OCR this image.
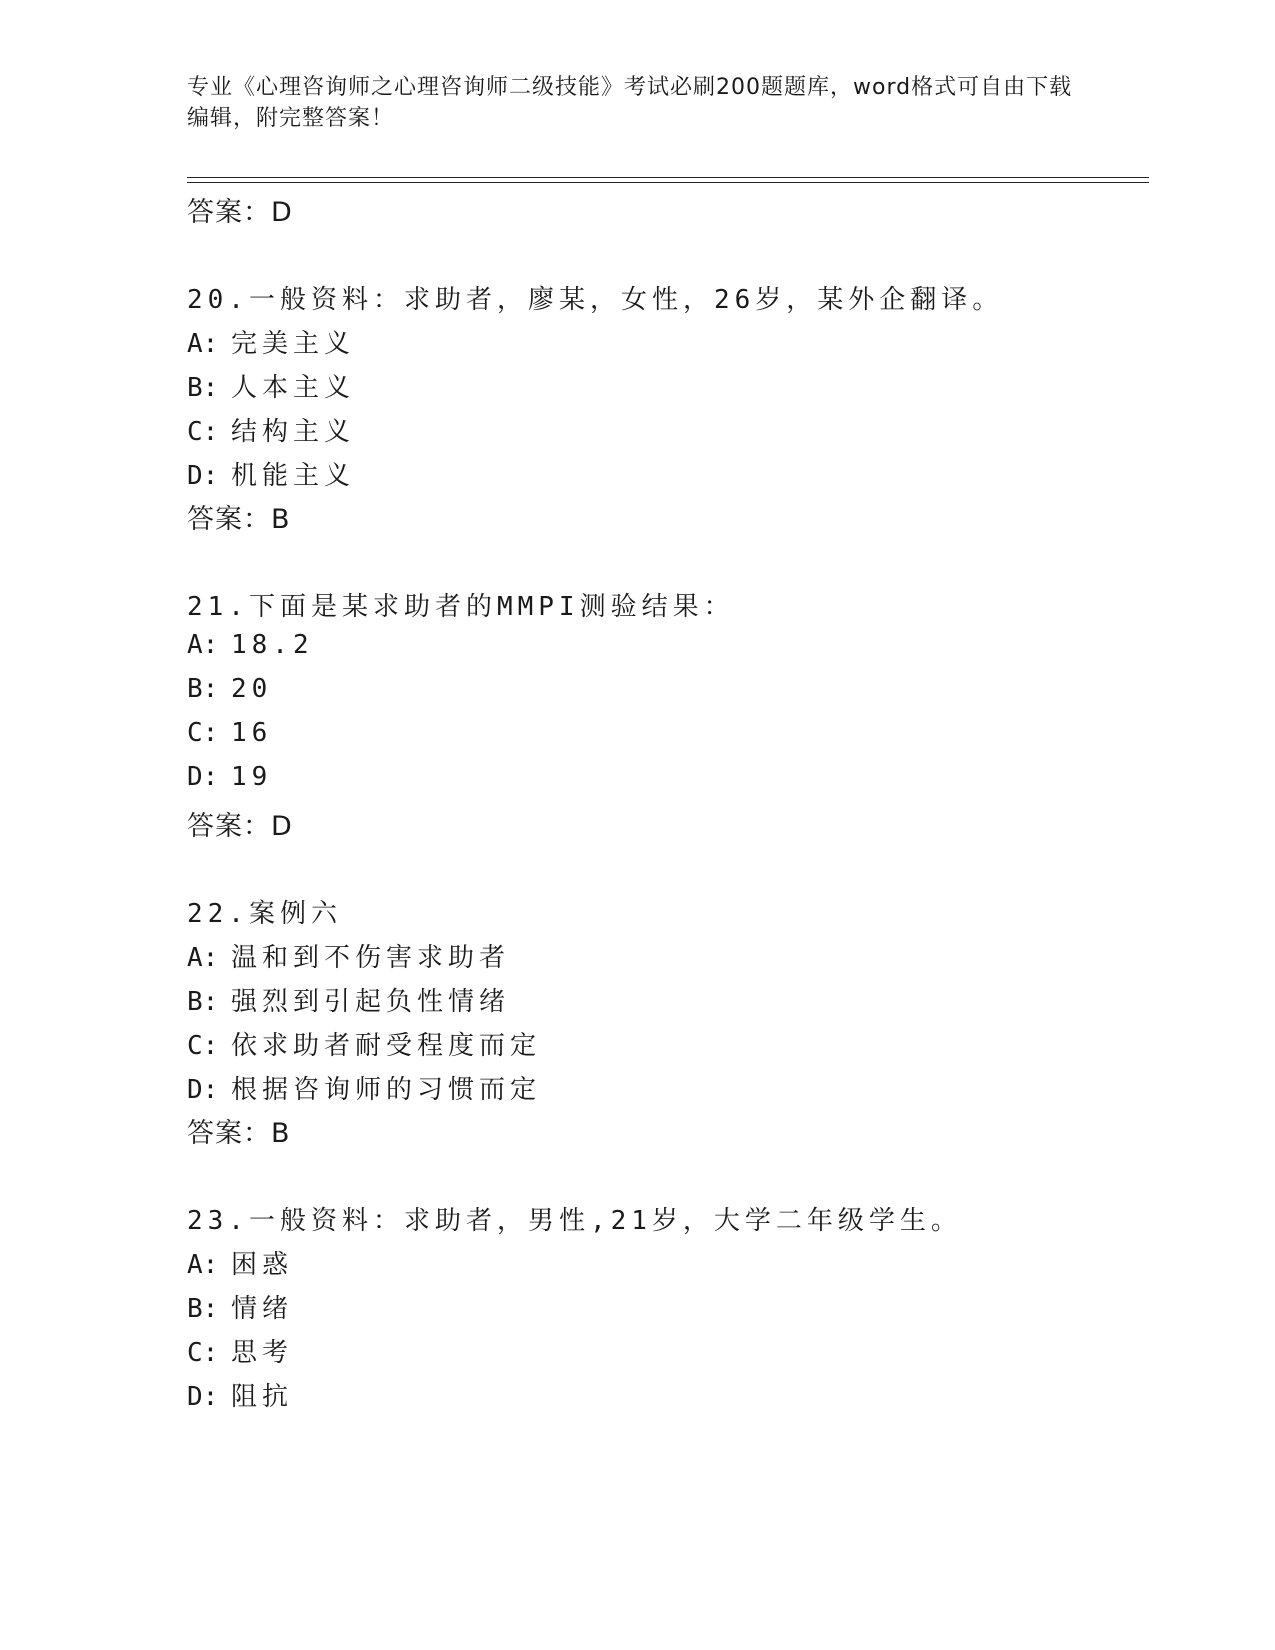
专业《心理咨询师之心理咨询师二级技能》考试必刷200题题库，word格式可自由下载编辑，附完整答案！
答案：D
20.一般资料：求助者，廖某，女性，26岁，某外企翻译。
A: 完美主义
B: 人本主义
C: 结构主义
D: 机能主义
答案：B
21.下面是某求助者的MMPI测验结果：
A: 18.2
B: 20
C: 16
D: 19
答案：D
22.案例六
A: 温和到不伤害求助者
B: 强烈到引起负性情绪
C: 依求助者耐受程度而定
D: 根据咨询师的习惯而定
答案：B
23.一般资料：求助者，男性,21岁，大学二年级学生。
A: 困惑
B: 情绪
C: 思考
D: 阻抗
